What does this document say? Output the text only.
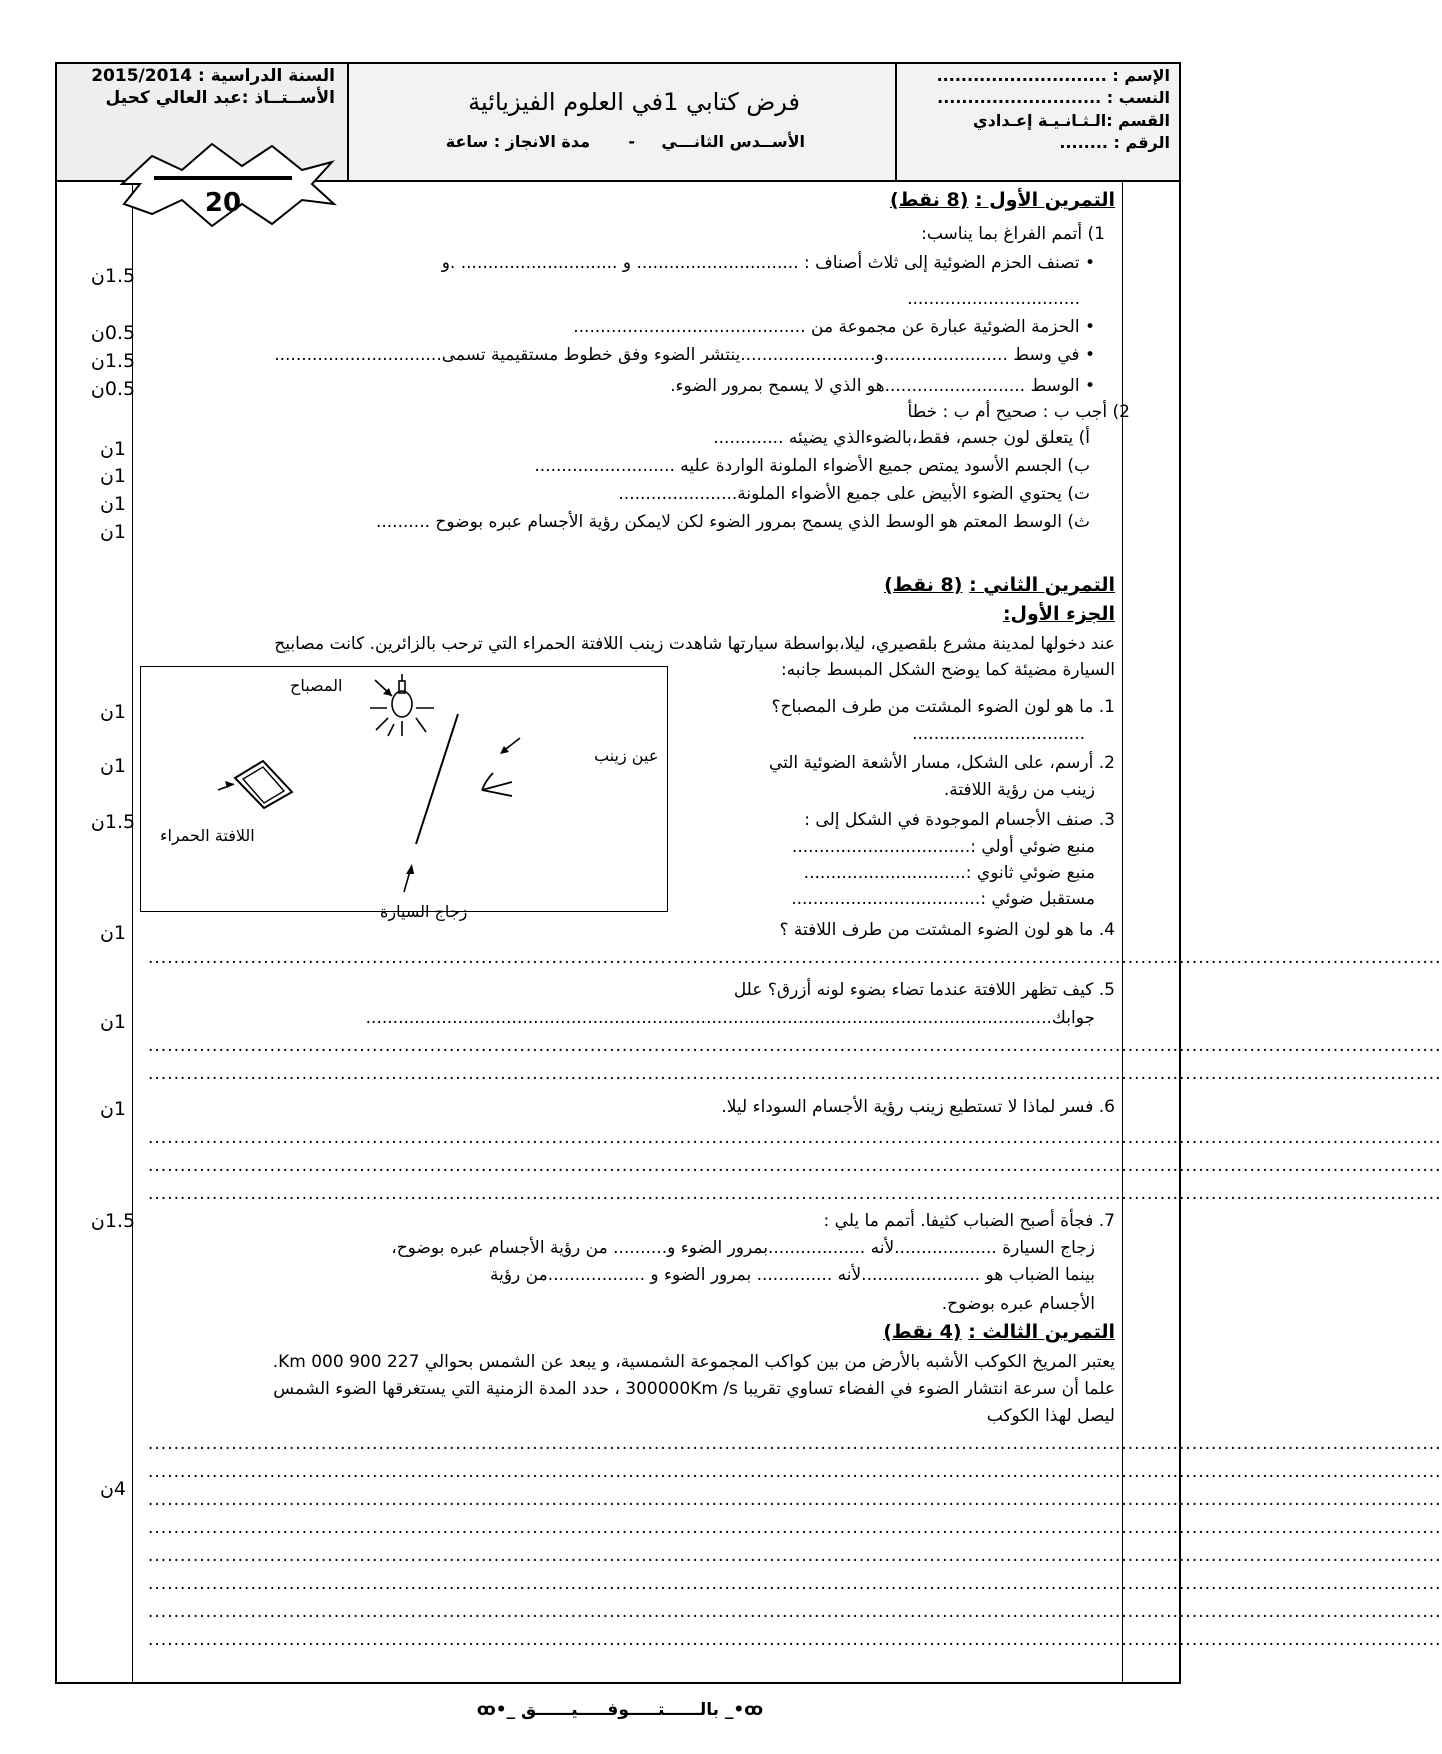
السنة الدراسية : 2015/2014
الأســتــاذ :عبد العالي كحيل	فرض كتابي 1في العلوم الفيزيائية
الأســدس الثانـــي
-
مدة الانجاز : ساعة
الإسم : ............................
النسب : ...........................
القسم :الـثـانـيـة إعـدادي
الرقم : ........
20	التمرين الأول : (8 نقط)
1) أتمم الفراغ بما يناسب:
• تصنف الحزم الضوئية إلى ثلاث أصناف : .............................. و ............................. .و
................................
• الحزمة الضوئية عبارة عن مجموعة من ...........................................
• في وسط .......................و.........................ينتشر الضوء وفق خطوط مستقيمية تسمى...............................
• الوسط ..........................هو الذي لا يسمح بمرور الضوء.
2) أجب ب : صحيح أم ب : خطأ
أ) يتعلق لون جسم، فقط،بالضوءالذي يضيئه .............
ب) الجسم الأسود يمتص جميع الأضواء الملونة الواردة عليه ..........................
ت) يحتوي الضوء الأبيض على جميع الأضواء الملونة......................
ث) الوسط المعتم هو الوسط الذي يسمح بمرور الضوء لكن لايمكن رؤية الأجسام عبره بوضوح ..........
1.5ن
0.5ن
1.5ن
0.5ن
1ن
1ن
1ن
1ن
التمرين الثاني : (8 نقط)
الجزء الأول:
عند دخولها لمدينة مشرع بلقصيري، ليلا،بواسطة سيارتها شاهدت زينب اللافتة الحمراء التي ترحب بالزائرين. كانت مصابيح
السيارة مضيئة كما يوضح الشكل المبسط جانبه:
المصباح
عين زينب
اللافتة الحمراء
زجاج السيارة
1. ما هو لون الضوء المشتت من طرف المصباح؟
................................
2. أرسم، على الشكل، مسار الأشعة الضوئية التي
زينب من رؤية اللافتة.
3. صنف الأجسام الموجودة في الشكل إلى :
منبع ضوئي أولي :.................................
منبع ضوئي ثانوي :..............................
مستقبل ضوئي :...................................
4. ما هو لون الضوء المشتت من طرف اللافتة ؟
..........................................................................................................................................................................................................
5. كيف تظهر اللافتة عندما تضاء بضوء لونه أزرق؟ علل
جوابك...............................................................................................................................
..........................................................................................................................................................................................................
..........................................................................................................................................................................................................
6. فسر لماذا لا تستطيع زينب رؤية الأجسام السوداء ليلا.
..........................................................................................................................................................................................................
..........................................................................................................................................................................................................
..........................................................................................................................................................................................................
7. فجأة أصبح الضباب كثيفا. أتمم ما يلي :
زجاج السيارة ...................لأنه ..................بمرور الضوء و.......... من رؤية الأجسام عبره بوضوح،
بينما الضباب هو ......................لأنه .............. بمرور الضوء و ..................من رؤية
الأجسام عبره بوضوح.
1ن
1ن
1.5ن
1ن
1ن
1ن
1.5ن
التمرين الثالث : (4 نقط)
يعتبر المريخ الكوكب الأشبه بالأرض من بين كواكب المجموعة الشمسية، و يبعد عن الشمس بحوالي 227 900 000 Km.
علما أن سرعة انتشار الضوء في الفضاء تساوي تقريبا 300000Km /s ، حدد المدة الزمنية التي يستغرقها الضوء الشمس
ليصل لهذا الكوكب
..........................................................................................................................................................................................................
..........................................................................................................................................................................................................
..........................................................................................................................................................................................................
..........................................................................................................................................................................................................
..........................................................................................................................................................................................................
..........................................................................................................................................................................................................
..........................................................................................................................................................................................................
..........................................................................................................................................................................................................
4ن
ꝏ•_ بالــــــتـــــوفـــــيــــــق _•ꝏ
